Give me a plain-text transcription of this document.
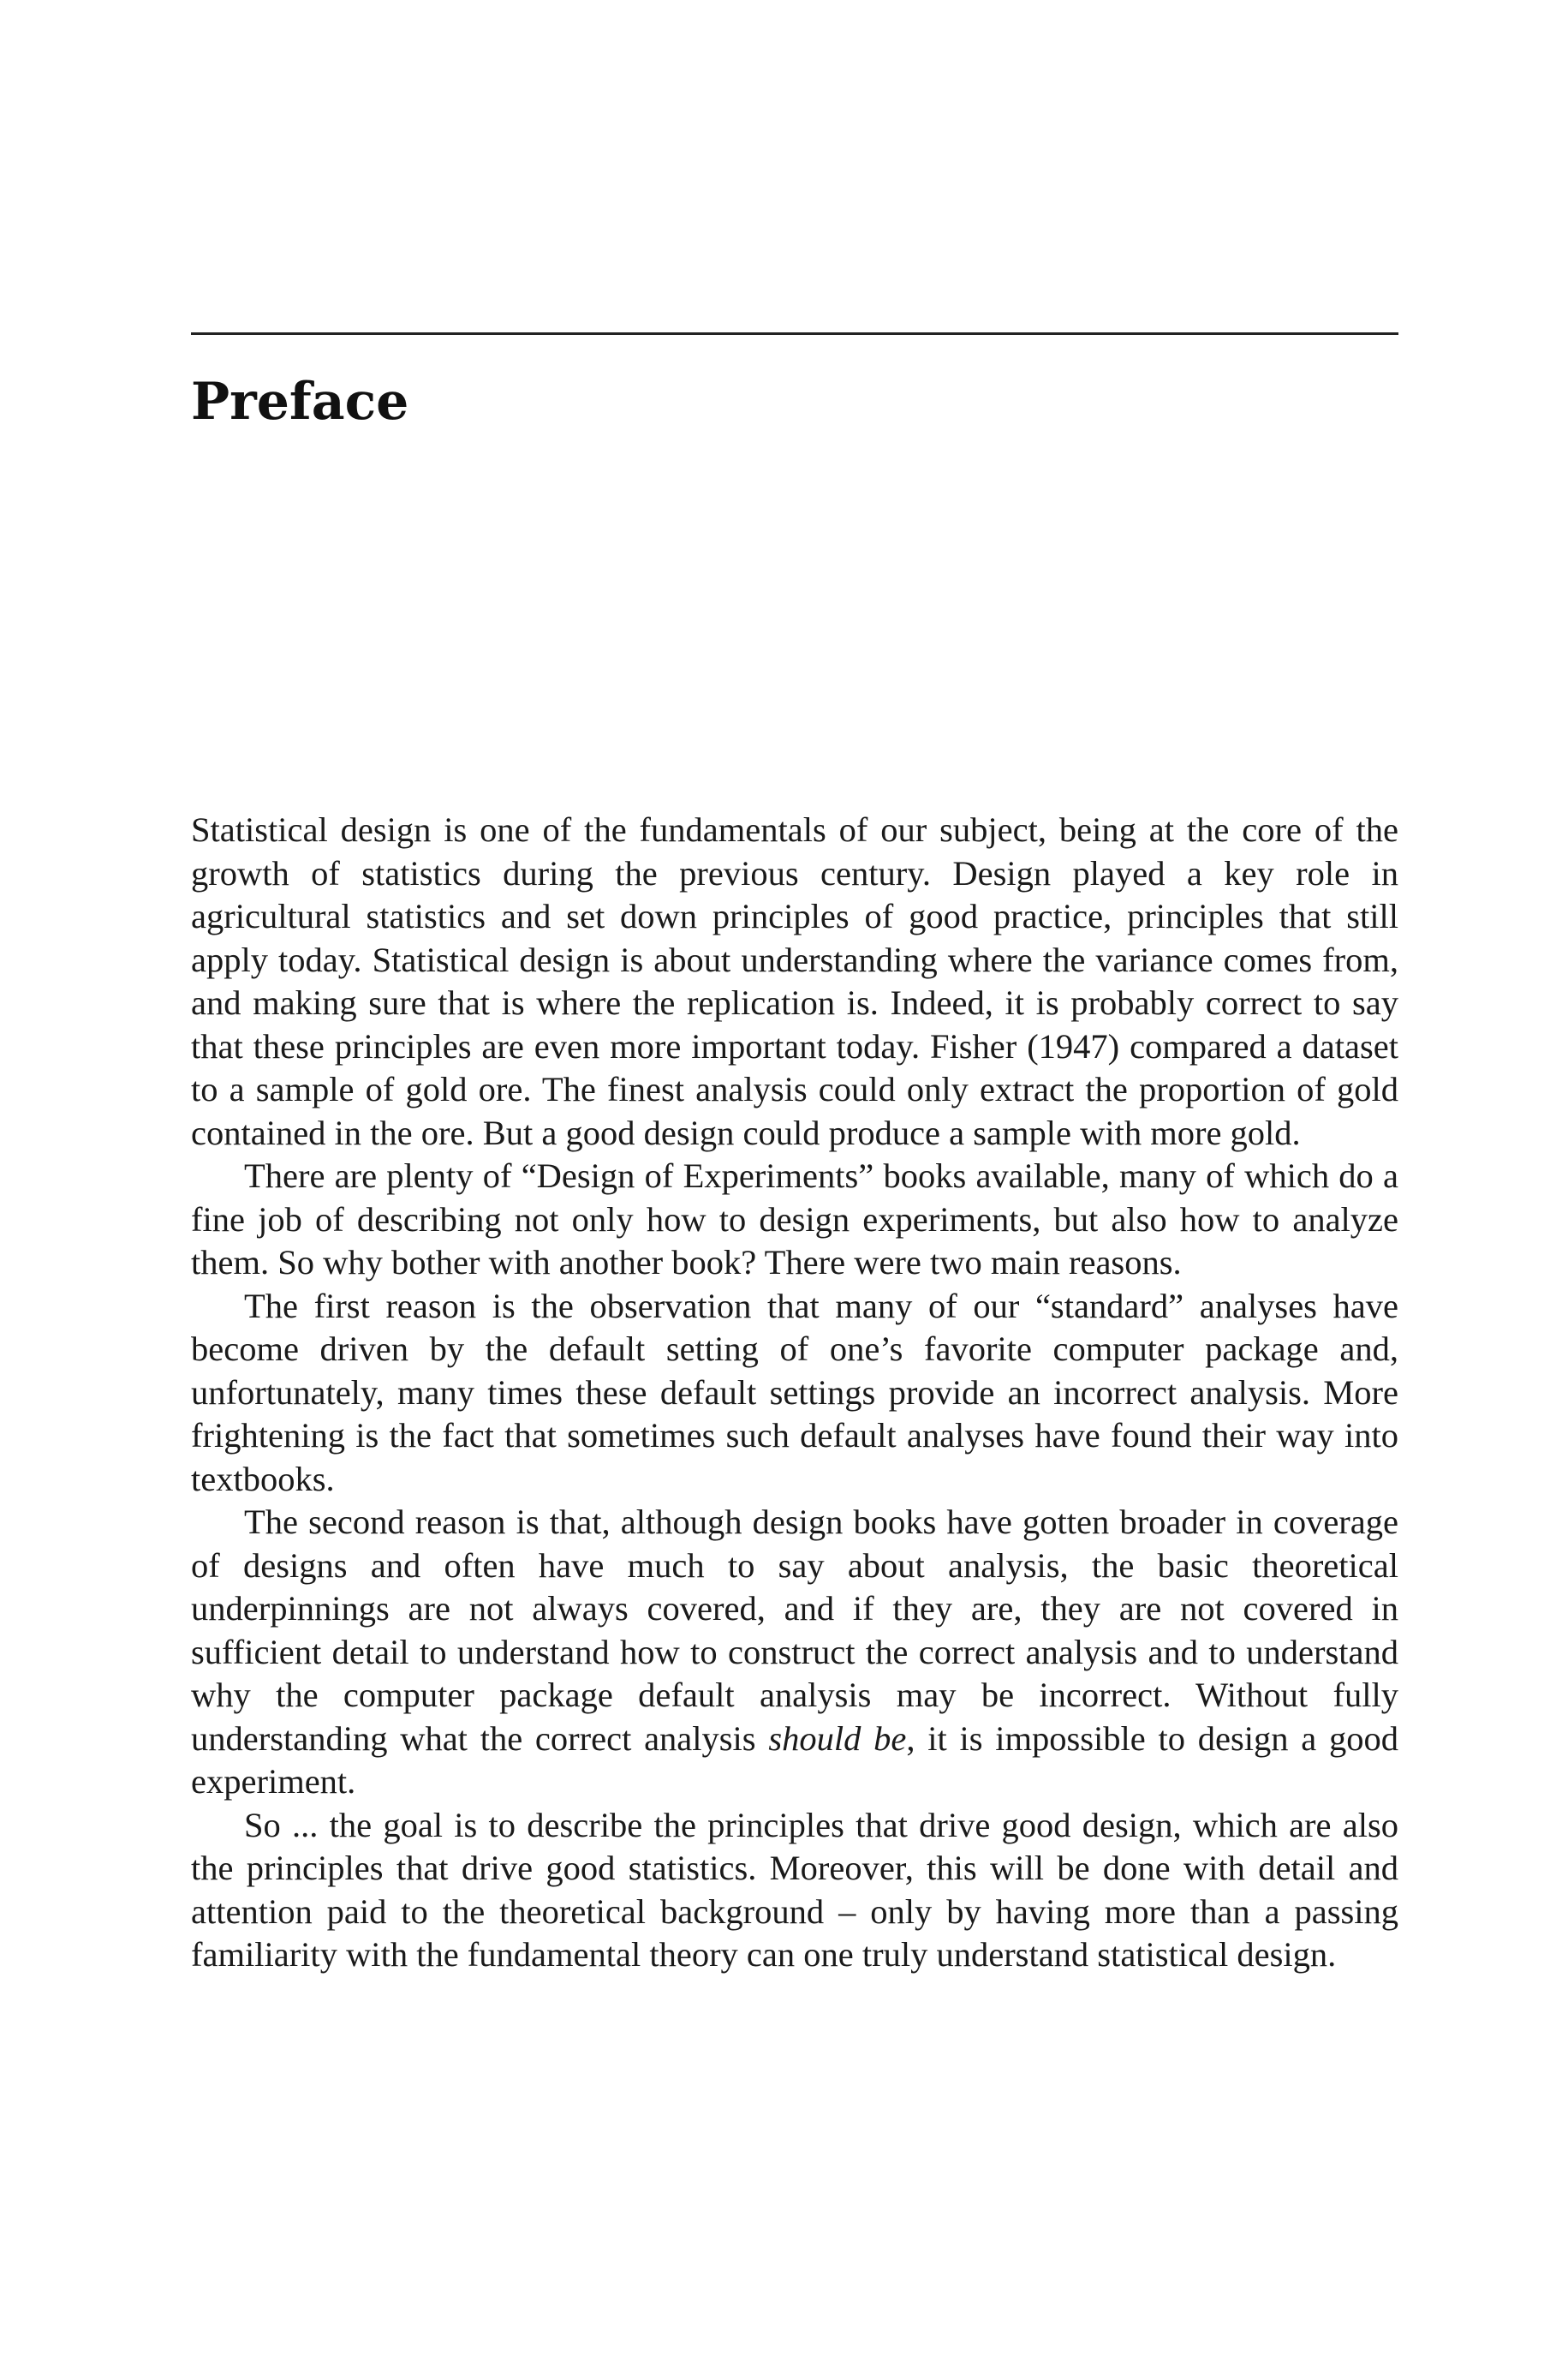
Preface

Statistical design is one of the fundamentals of our subject, being at the core of the growth of statistics during the previous century. Design played a key role in agricultural statistics and set down principles of good practice, principles that still apply today. Statistical design is about understanding where the variance comes from, and making sure that is where the replication is. Indeed, it is probably correct to say that these principles are even more important today. Fisher (1947) compared a dataset to a sample of gold ore. The finest analysis could only extract the proportion of gold contained in the ore. But a good design could produce a sample with more gold.

There are plenty of “Design of Experiments” books available, many of which do a fine job of describing not only how to design experiments, but also how to analyze them. So why bother with another book? There were two main reasons.

The first reason is the observation that many of our “standard” analyses have become driven by the default setting of one’s favorite computer package and, unfortunately, many times these default settings provide an incorrect analysis. More frightening is the fact that sometimes such default analyses have found their way into textbooks.

The second reason is that, although design books have gotten broader in coverage of designs and often have much to say about analysis, the basic theoretical underpinnings are not always covered, and if they are, they are not covered in sufficient detail to understand how to construct the correct analysis and to understand why the computer package default analysis may be incorrect. Without fully understanding what the correct analysis should be, it is impossible to design a good experiment.

So ... the goal is to describe the principles that drive good design, which are also the principles that drive good statistics. Moreover, this will be done with detail and attention paid to the theoretical background – only by having more than a passing familiarity with the fundamental theory can one truly understand statistical design.
